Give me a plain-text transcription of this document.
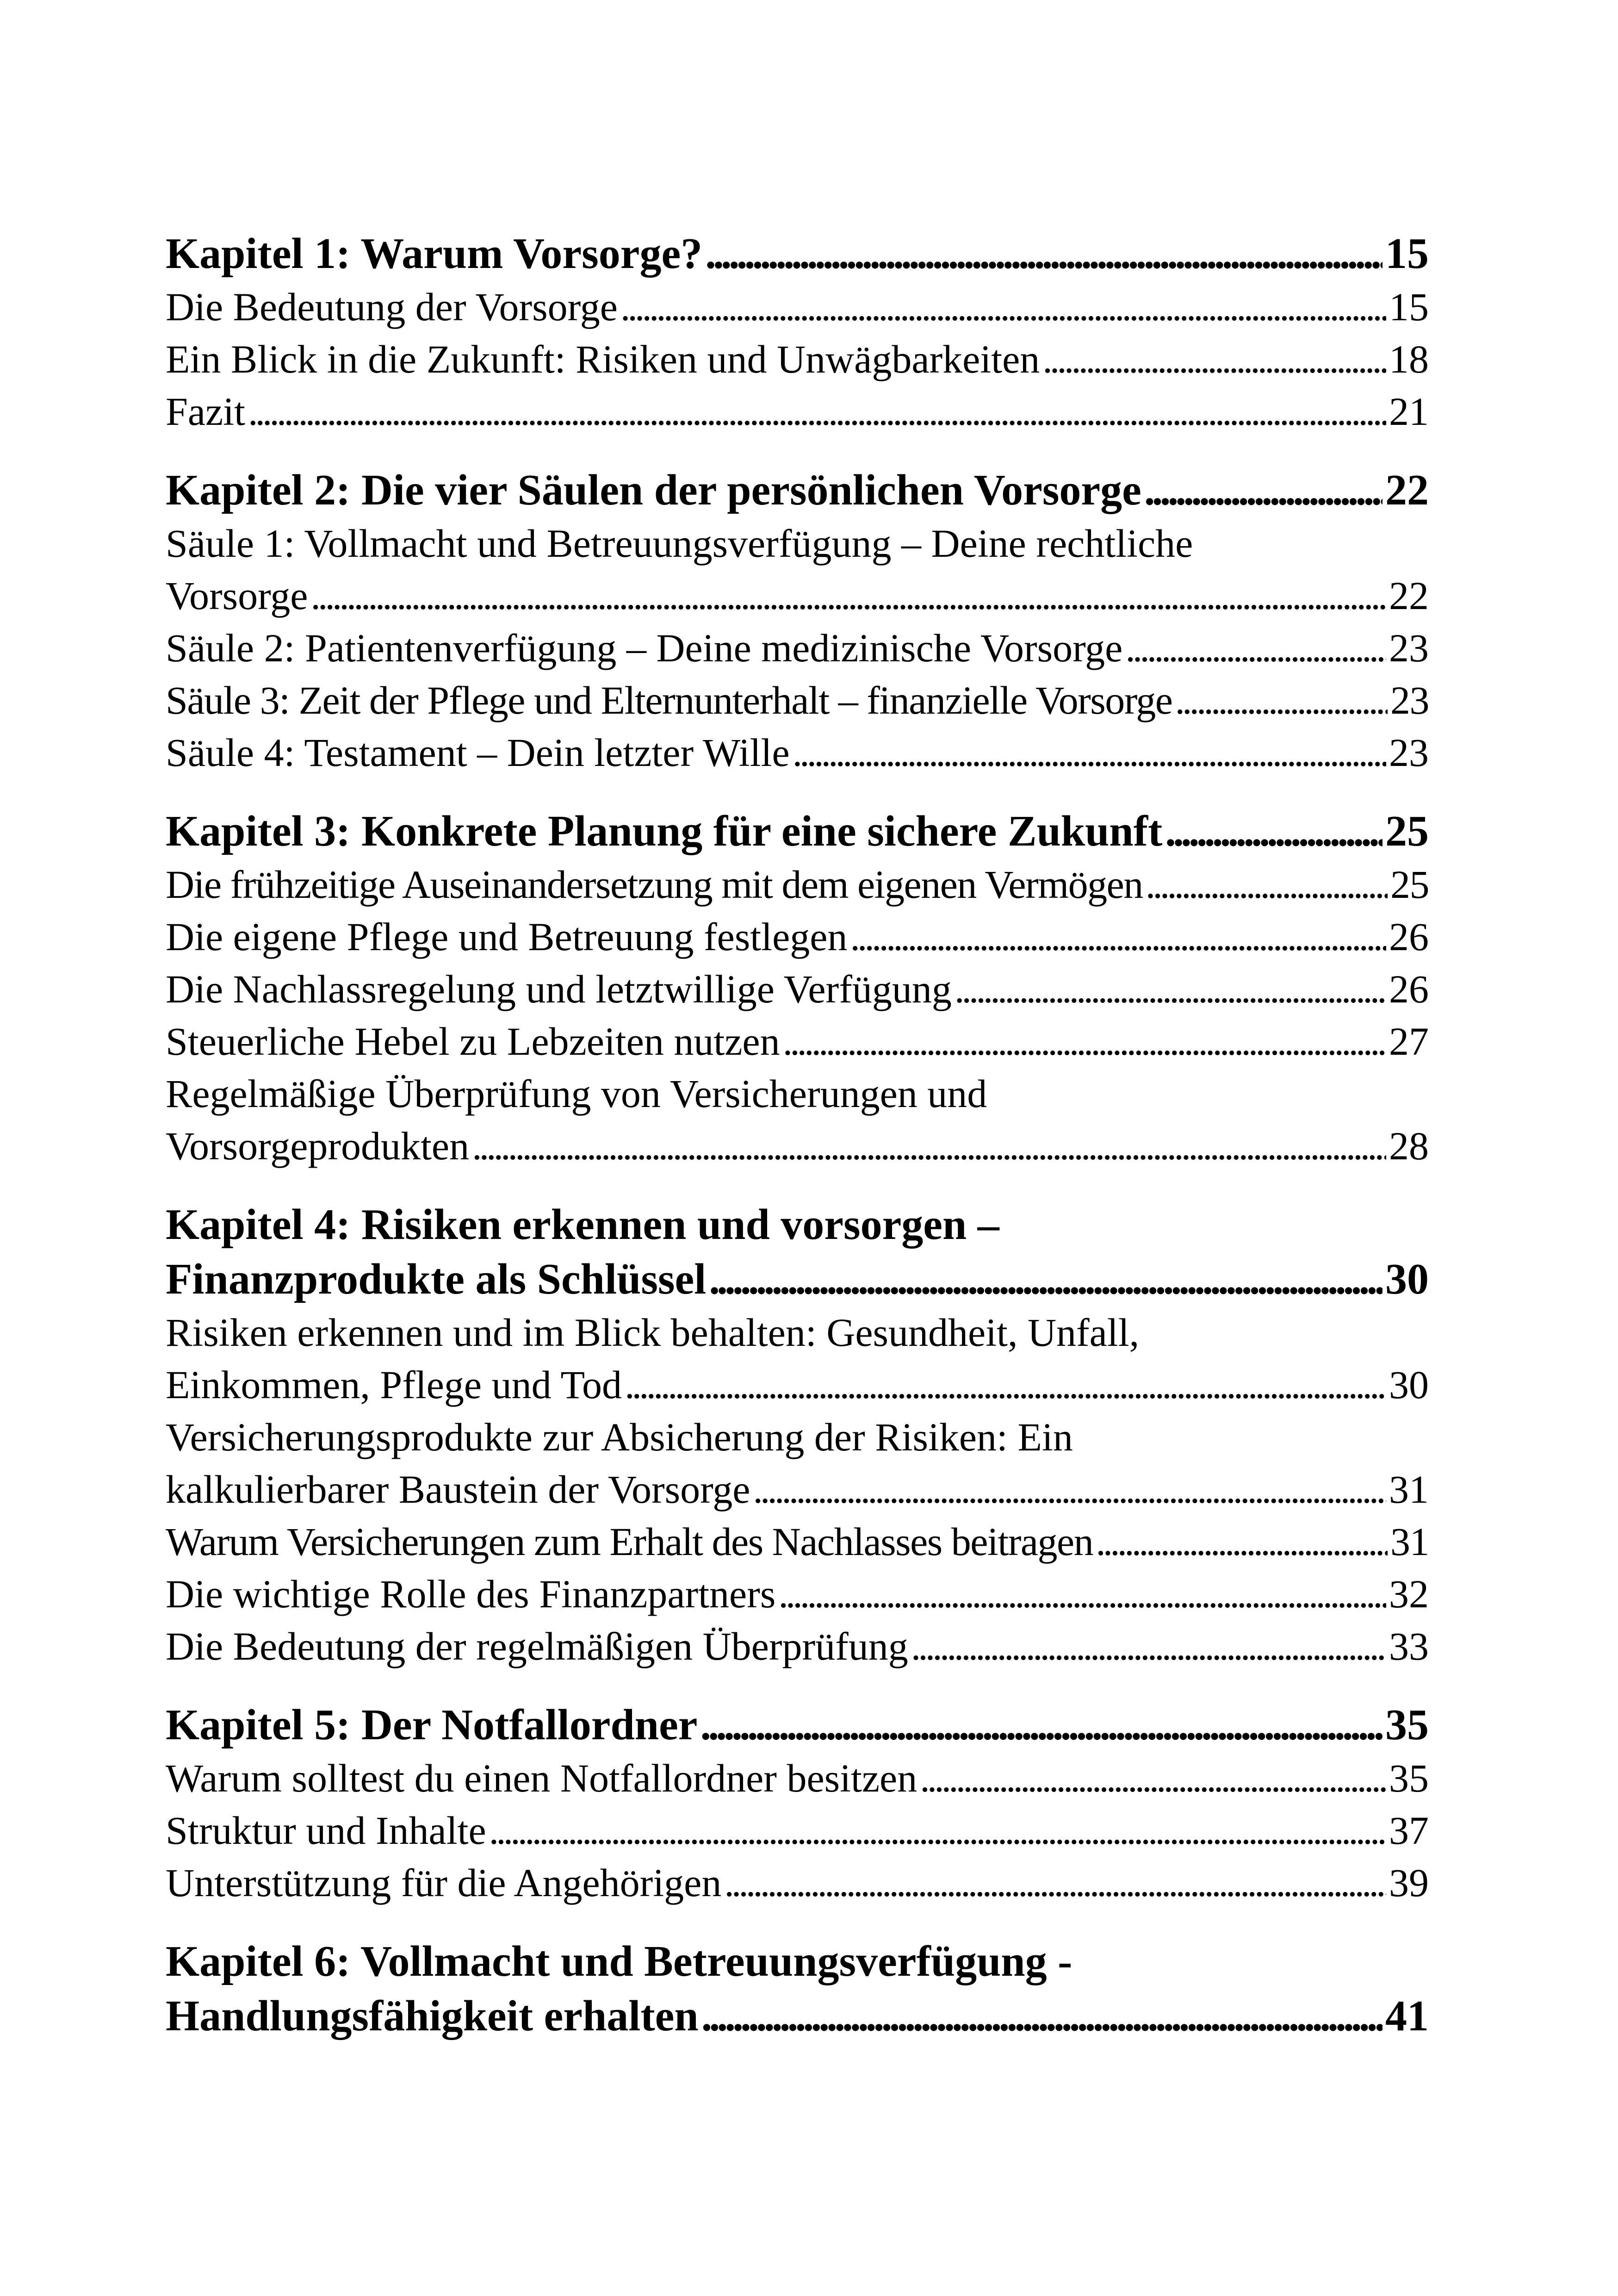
Kapitel 1: Warum Vorsorge? . . .	15
Die Bedeutung der Vorsorge . . .	15
Ein Blick in die Zukunft: Risiken und Unwägbarkeiten . . .	18
Fazit . . .	21
Kapitel 2: Die vier Säulen der persönlichen Vorsorge . . .	22
Säule 1: Vollmacht und Betreuungsverfügung – Deine rechtliche
Vorsorge . . .	22
Säule 2: Patientenverfügung – Deine medizinische Vorsorge . . .	23
Säule 3: Zeit der Pflege und Elternunterhalt – finanzielle Vorsorge . . .	23
Säule 4: Testament – Dein letzter Wille . . .	23
Kapitel 3: Konkrete Planung für eine sichere Zukunft . . .	25
Die frühzeitige Auseinandersetzung mit dem eigenen Vermögen . . .	25
Die eigene Pflege und Betreuung festlegen . . .	26
Die Nachlassregelung und letztwillige Verfügung . . .	26
Steuerliche Hebel zu Lebzeiten nutzen . . .	27
Regelmäßige Überprüfung von Versicherungen und
Vorsorgeprodukten . . .	28
Kapitel 4: Risiken erkennen und vorsorgen –
Finanzprodukte als Schlüssel . . .	30
Risiken erkennen und im Blick behalten: Gesundheit, Unfall,
Einkommen, Pflege und Tod . . .	30
Versicherungsprodukte zur Absicherung der Risiken: Ein
kalkulierbarer Baustein der Vorsorge . . .	31
Warum Versicherungen zum Erhalt des Nachlasses beitragen . . .	31
Die wichtige Rolle des Finanzpartners . . .	32
Die Bedeutung der regelmäßigen Überprüfung . . .	33
Kapitel 5: Der Notfallordner . . .	35
Warum solltest du einen Notfallordner besitzen . . .	35
Struktur und Inhalte . . .	37
Unterstützung für die Angehörigen . . .	39
Kapitel 6: Vollmacht und Betreuungsverfügung -
Handlungsfähigkeit erhalten . . .	41
